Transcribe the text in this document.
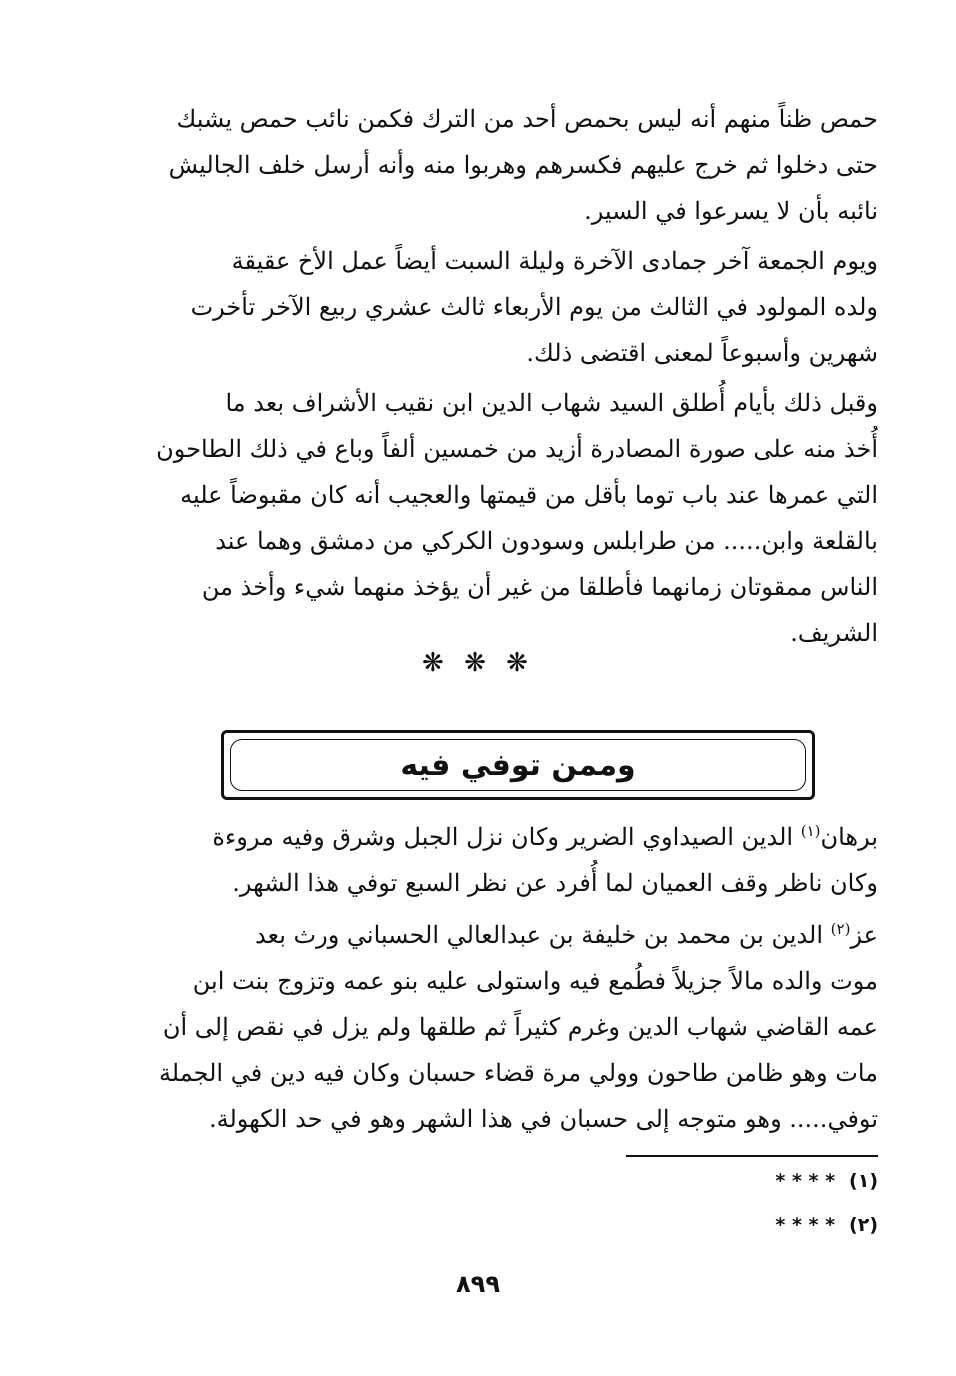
حمص ظناً منهم أنه ليس بحمص أحد من الترك فكمن نائب حمص يشبك
حتى دخلوا ثم خرج عليهم فكسرهم وهربوا منه وأنه أرسل خلف الجاليش
نائبه بأن لا يسرعوا في السير.
ويوم الجمعة آخر جمادى الآخرة وليلة السبت أيضاً عمل الأخ عقيقة
ولده المولود في الثالث من يوم الأربعاء ثالث عشري ربيع الآخر تأخرت
شهرين وأسبوعاً لمعنى اقتضى ذلك.
وقبل ذلك بأيام أُطلق السيد شهاب الدين ابن نقيب الأشراف بعد ما
أُخذ منه على صورة المصادرة أزيد من خمسين ألفاً وباع في ذلك الطاحون
التي عمرها عند باب توما بأقل من قيمتها والعجيب أنه كان مقبوضاً عليه
بالقلعة وابن..... من طرابلس وسودون الكركي من دمشق وهما عند
الناس ممقوتان زمانهما فأطلقا من غير أن يؤخذ منهما شيء وأخذ من
الشريف.
❋ ❋ ❋
وممن توفي فيه
برهان$^{(١)}$ الدين الصيداوي الضرير وكان نزل الجبل وشرق وفيه مروءة
وكان ناظر وقف العميان لما أُفرد عن نظر السبع توفي هذا الشهر.
عز$^{(٢)}$ الدين بن محمد بن خليفة بن عبدالعالي الحسباني ورث بعد
موت والده مالاً جزيلاً فطُمع فيه واستولى عليه بنو عمه وتزوج بنت ابن
عمه القاضي شهاب الدين وغرم كثيراً ثم طلقها ولم يزل في نقص إلى أن
مات وهو ظامن طاحون وولي مرة قضاء حسبان وكان فيه دين في الجملة
توفي..... وهو متوجه إلى حسبان في هذا الشهر وهو في حد الكهولة.
(١)* * * *
(٢)* * * *
٨٩٩
